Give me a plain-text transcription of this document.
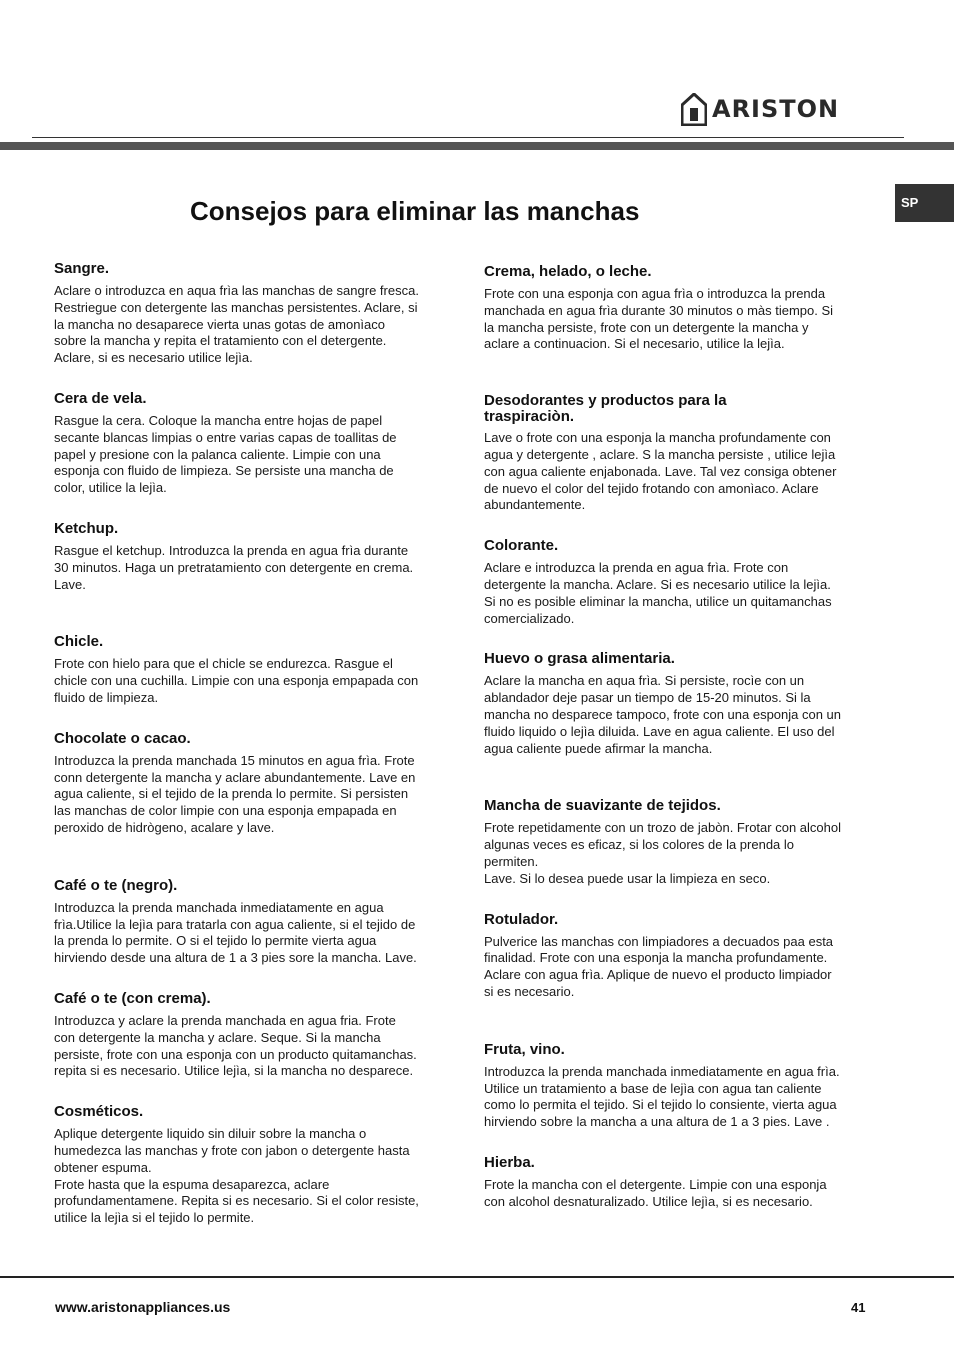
ARISTON
SP
Consejos para eliminar las manchas
Sangre.

Aclare o introduzca en aqua frìa las manchas de sangre fresca.
Restriegue con detergente las manchas persistentes. Aclare, si
la mancha no desaparece vierta unas gotas de amonìaco
sobre la mancha y repita el tratamiento con el detergente.
Aclare, si es necesario utilice lejìa.

Cera de vela.

Rasgue la cera. Coloque la mancha entre hojas de papel
secante blancas limpias o entre varias capas de toallitas de
papel y presione con la palanca caliente. Limpie con una
esponja con fluido de limpieza. Se persiste una mancha de
color, utilice la lejìa.

Ketchup.

Rasgue el ketchup. Introduzca la prenda en agua frìa durante
30 minutos. Haga un pretratamiento con detergente en crema.
Lave.

Chicle.

Frote con hielo para que el chicle se endurezca. Rasgue el
chicle con una cuchilla. Limpie con una esponja empapada con
fluido de limpieza.

Chocolate o cacao.

Introduzca la prenda manchada 15 minutos en agua frìa. Frote
conn detergente la mancha y aclare abundantemente. Lave en
agua caliente, si el tejido de la prenda lo permite. Si persisten
las manchas de color limpie con una esponja empapada en
peroxido de hidrògeno, acalare y lave.

Café o te (negro).

Introduzca la prenda manchada inmediatamente en agua
frìa.Utilice la lejìa para tratarla con agua caliente, si el tejido de
la prenda lo permite. O si el tejido lo permite vierta agua
hirviendo desde una altura de 1 a 3 pies sore la mancha. Lave.

Café o te (con crema).

Introduzca y aclare la prenda manchada en agua fria. Frote
con detergente la mancha y aclare. Seque. Si la mancha
persiste, frote con una esponja con un producto quitamanchas.
repita si es necesario. Utilice lejìa, si la mancha no desparece.

Cosméticos.

Aplique detergente liquido sin diluir sobre la mancha o
humedezca las manchas y frote con jabon o detergente hasta
obtener espuma.
Frote hasta que la espuma desaparezca, aclare
profundamentamene. Repita si es necesario. Si el color resiste,
utilice la lejìa si el tejido lo permite.

Crema, helado, o leche.

Frote con una esponja con agua frìa o introduzca la prenda
manchada en agua frìa durante 30 minutos o màs tiempo. Si
la mancha persiste, frote con un detergente la mancha y
aclare a continuacion. Si el necesario, utilice la lejìa.

Desodorantes y productos para la
traspiraciòn.

Lave o frote con una esponja la mancha profundamente con
agua y detergente , aclare. S la mancha persiste , utilice lejìa
con agua caliente enjabonada. Lave. Tal vez consiga obtener
de nuevo el color del tejido frotando con amonìaco. Aclare
abundantemente.

Colorante.

Aclare e introduzca la prenda en agua frìa. Frote con
detergente la mancha. Aclare. Si es necesario utilice la lejìa.
Si no es posible eliminar la mancha, utilice un quitamanchas
comercializado.

Huevo o grasa alimentaria.

Aclare la mancha en aqua frìa. Si persiste, rocìe con un
ablandador deje pasar un tiempo de 15-20 minutos. Si la
mancha no desparece tampoco, frote con una esponja con un
fluido liquido o lejìa diluida. Lave en agua caliente. El uso del
agua caliente puede afirmar la mancha.

Mancha de suavizante de tejidos.

Frote repetidamente con un trozo de jabòn. Frotar con alcohol
algunas veces es eficaz, si los colores de la prenda lo
permiten.
Lave. Si lo desea puede usar la limpieza en seco.

Rotulador.

Pulverice las manchas con limpiadores a decuados paa esta
finalidad. Frote con una esponja la mancha profundamente.
Aclare con agua frìa. Aplique de nuevo el producto limpiador
si es necesario.

Fruta, vino.

Introduzca la prenda manchada inmediatamente en agua frìa.
Utilice un tratamiento a base de lejìa con agua tan caliente
como lo permita el tejido. Si el tejido lo consiente, vierta agua
hirviendo sobre la mancha a una altura de 1 a 3 pies. Lave .

Hierba.

Frote la mancha con el detergente. Limpie con una esponja
con alcohol desnaturalizado. Utilice lejìa, si es necesario.

www.aristonappliances.us	41
